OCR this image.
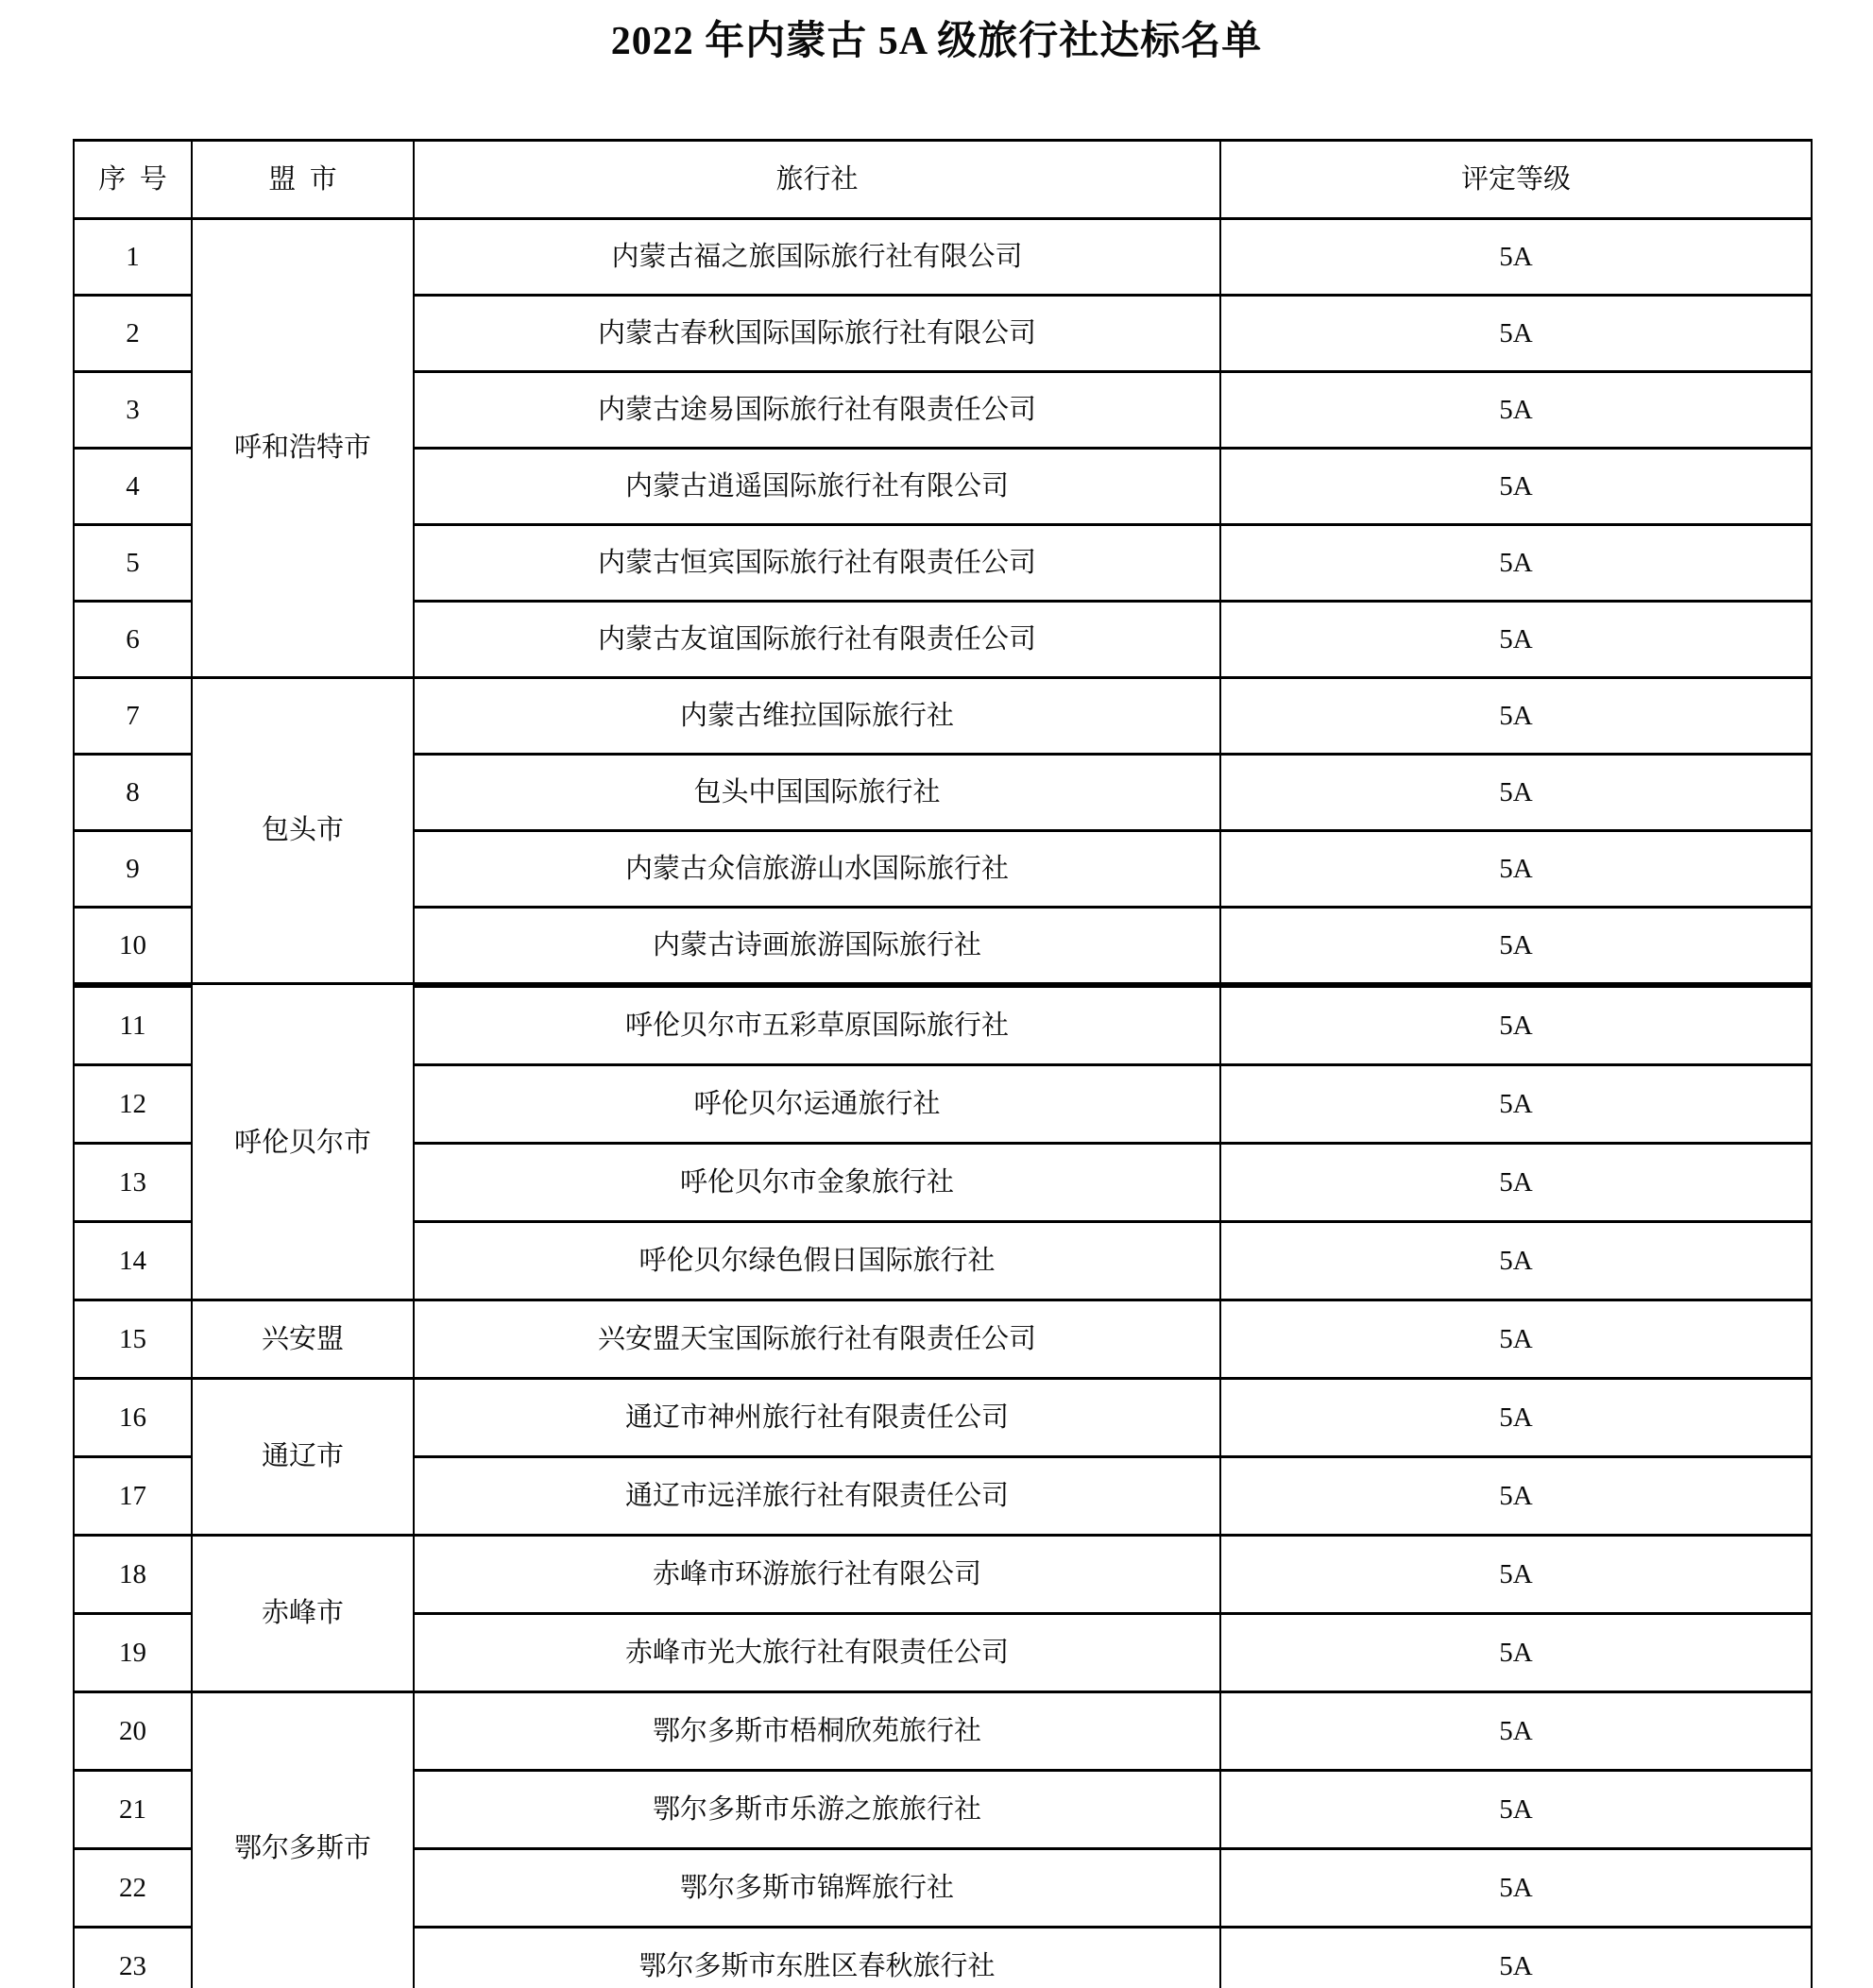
2022 年内蒙古 5A 级旅行社达标名单
序  号	盟  市	旅行社	评定等级
1	呼和浩特市	内蒙古福之旅国际旅行社有限公司	5A
2		内蒙古春秋国际国际旅行社有限公司	5A
3		内蒙古途易国际旅行社有限责任公司	5A
4		内蒙古逍遥国际旅行社有限公司	5A
5		内蒙古恒宾国际旅行社有限责任公司	5A
6		内蒙古友谊国际旅行社有限责任公司	5A
7	包头市	内蒙古维拉国际旅行社	5A
8		包头中国国际旅行社	5A
9		内蒙古众信旅游山水国际旅行社	5A
10		内蒙古诗画旅游国际旅行社	5A
11	呼伦贝尔市	呼伦贝尔市五彩草原国际旅行社	5A
12		呼伦贝尔运通旅行社	5A
13		呼伦贝尔市金象旅行社	5A
14		呼伦贝尔绿色假日国际旅行社	5A
15	兴安盟	兴安盟天宝国际旅行社有限责任公司	5A
16	通辽市	通辽市神州旅行社有限责任公司	5A
17		通辽市远洋旅行社有限责任公司	5A
18	赤峰市	赤峰市环游旅行社有限公司	5A
19		赤峰市光大旅行社有限责任公司	5A
20	鄂尔多斯市	鄂尔多斯市梧桐欣苑旅行社	5A
21		鄂尔多斯市乐游之旅旅行社	5A
22		鄂尔多斯市锦辉旅行社	5A
23		鄂尔多斯市东胜区春秋旅行社	5A
